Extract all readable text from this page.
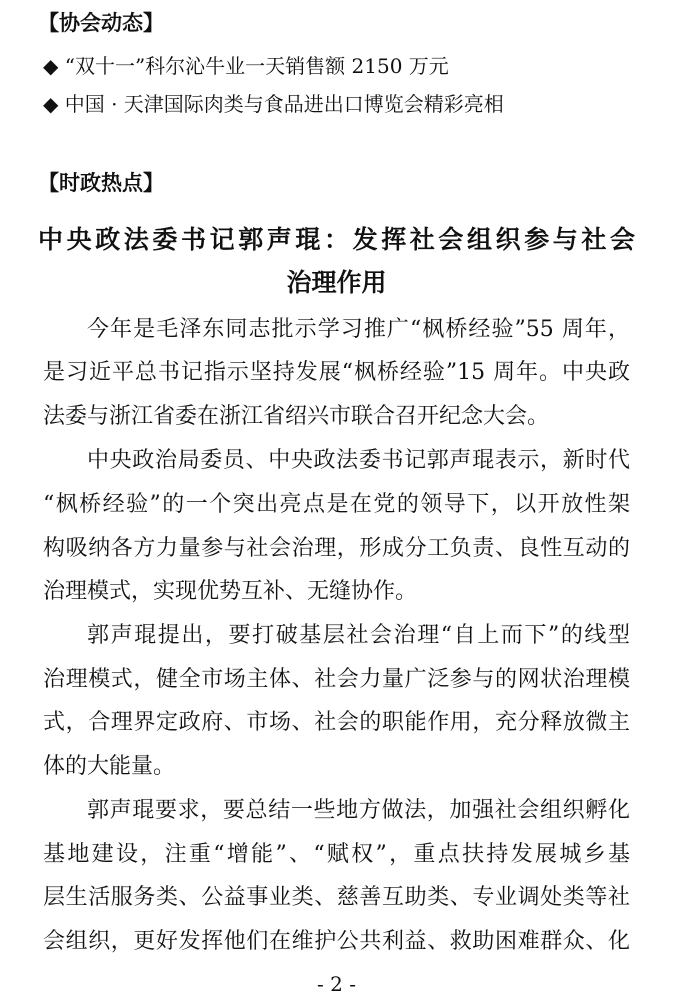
【协会动态】
◆ “双十一”科尔沁牛业一天销售额 2150 万元
◆ 中国 · 天津国际肉类与食品进出口博览会精彩亮相
【时政热点】
中央政法委书记郭声琨：发挥社会组织参与社会
治理作用
今年是毛泽东同志批示学习推广“枫桥经验”55 周年，
是习近平总书记指示坚持发展“枫桥经验”15 周年。中央政
法委与浙江省委在浙江省绍兴市联合召开纪念大会。
中央政治局委员、中央政法委书记郭声琨表示，新时代
“枫桥经验”的一个突出亮点是在党的领导下，以开放性架
构吸纳各方力量参与社会治理，形成分工负责、良性互动的
治理模式，实现优势互补、无缝协作。
郭声琨提出，要打破基层社会治理“自上而下”的线型
治理模式，健全市场主体、社会力量广泛参与的网状治理模
式，合理界定政府、市场、社会的职能作用，充分释放微主
体的大能量。
郭声琨要求，要总结一些地方做法，加强社会组织孵化
基地建设，注重“增能”、“赋权”，重点扶持发展城乡基
层生活服务类、公益事业类、慈善互助类、专业调处类等社
会组织，更好发挥他们在维护公共利益、救助困难群众、化
- 2 -
